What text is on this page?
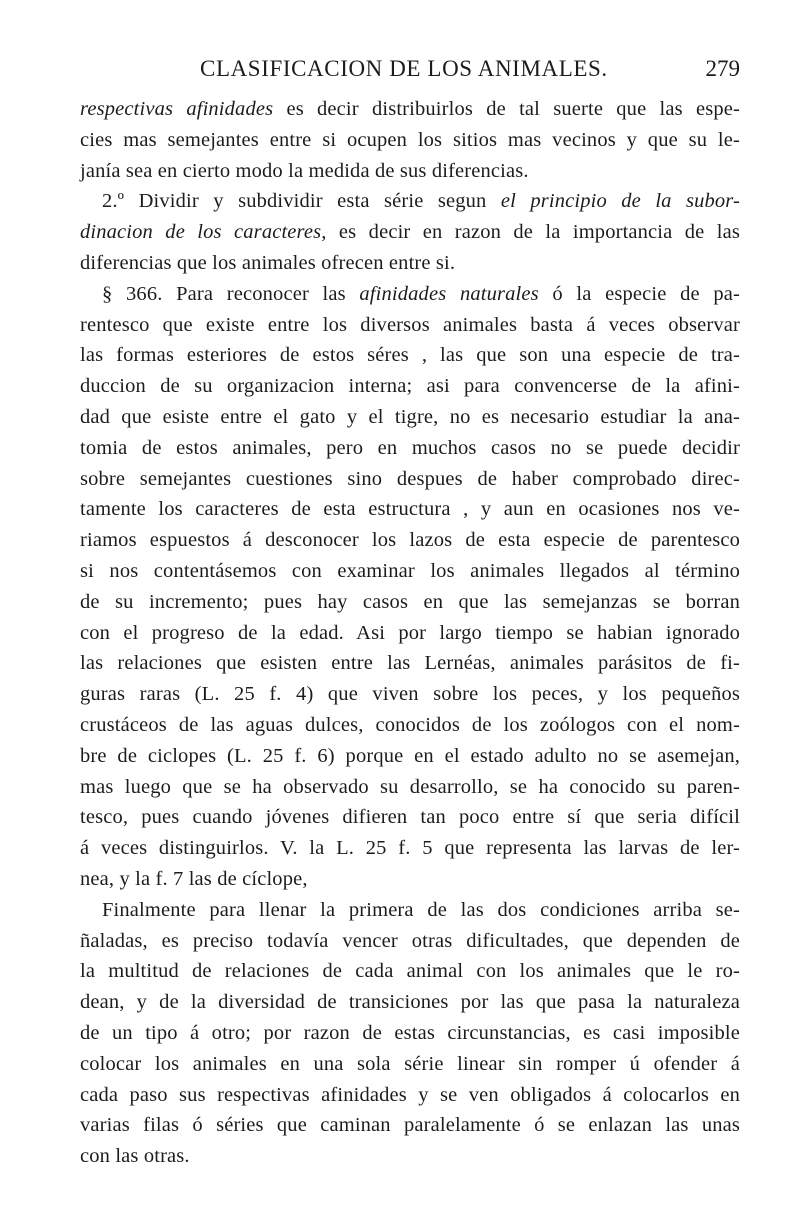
CLASIFICACION DE LOS ANIMALES.	279
respectivas afinidades es decir distribuirlos de tal suerte que las espe-
cies mas semejantes entre si ocupen los sitios mas vecinos y que su le-
janía sea en cierto modo la medida de sus diferencias.
2.º Dividir y subdividir esta série segun el principio de la subor-
dinacion de los caracteres, es decir en razon de la importancia de las
diferencias que los animales ofrecen entre si.
§ 366. Para reconocer las afinidades naturales ó la especie de pa-
rentesco que existe entre los diversos animales basta á veces observar
las formas esteriores de estos séres , las que son una especie de tra-
duccion de su organizacion interna; asi para convencerse de la afini-
dad que esiste entre el gato y el tigre, no es necesario estudiar la ana-
tomia de estos animales, pero en muchos casos no se puede decidir
sobre semejantes cuestiones sino despues de haber comprobado direc-
tamente los caracteres de esta estructura , y aun en ocasiones nos ve-
riamos espuestos á desconocer los lazos de esta especie de parentesco
si nos contentásemos con examinar los animales llegados al término
de su incremento; pues hay casos en que las semejanzas se borran
con el progreso de la edad. Asi por largo tiempo se habian ignorado
las relaciones que esisten entre las Lernéas, animales parásitos de fi-
guras raras (L. 25 f. 4) que viven sobre los peces, y los pequeños
crustáceos de las aguas dulces, conocidos de los zoólogos con el nom-
bre de ciclopes (L. 25 f. 6) porque en el estado adulto no se asemejan,
mas luego que se ha observado su desarrollo, se ha conocido su paren-
tesco, pues cuando jóvenes difieren tan poco entre sí que seria difícil
á veces distinguirlos. V. la L. 25 f. 5 que representa las larvas de ler-
nea, y la f. 7 las de cíclope,
Finalmente para llenar la primera de las dos condiciones arriba se-
ñaladas, es preciso todavía vencer otras dificultades, que dependen de
la multitud de relaciones de cada animal con los animales que le ro-
dean, y de la diversidad de transiciones por las que pasa la naturaleza
de un tipo á otro; por razon de estas circunstancias, es casi imposible
colocar los animales en una sola série linear sin romper ú ofender á
cada paso sus respectivas afinidades y se ven obligados á colocarlos en
varias filas ó séries que caminan paralelamente ó se enlazan las unas
con las otras.
